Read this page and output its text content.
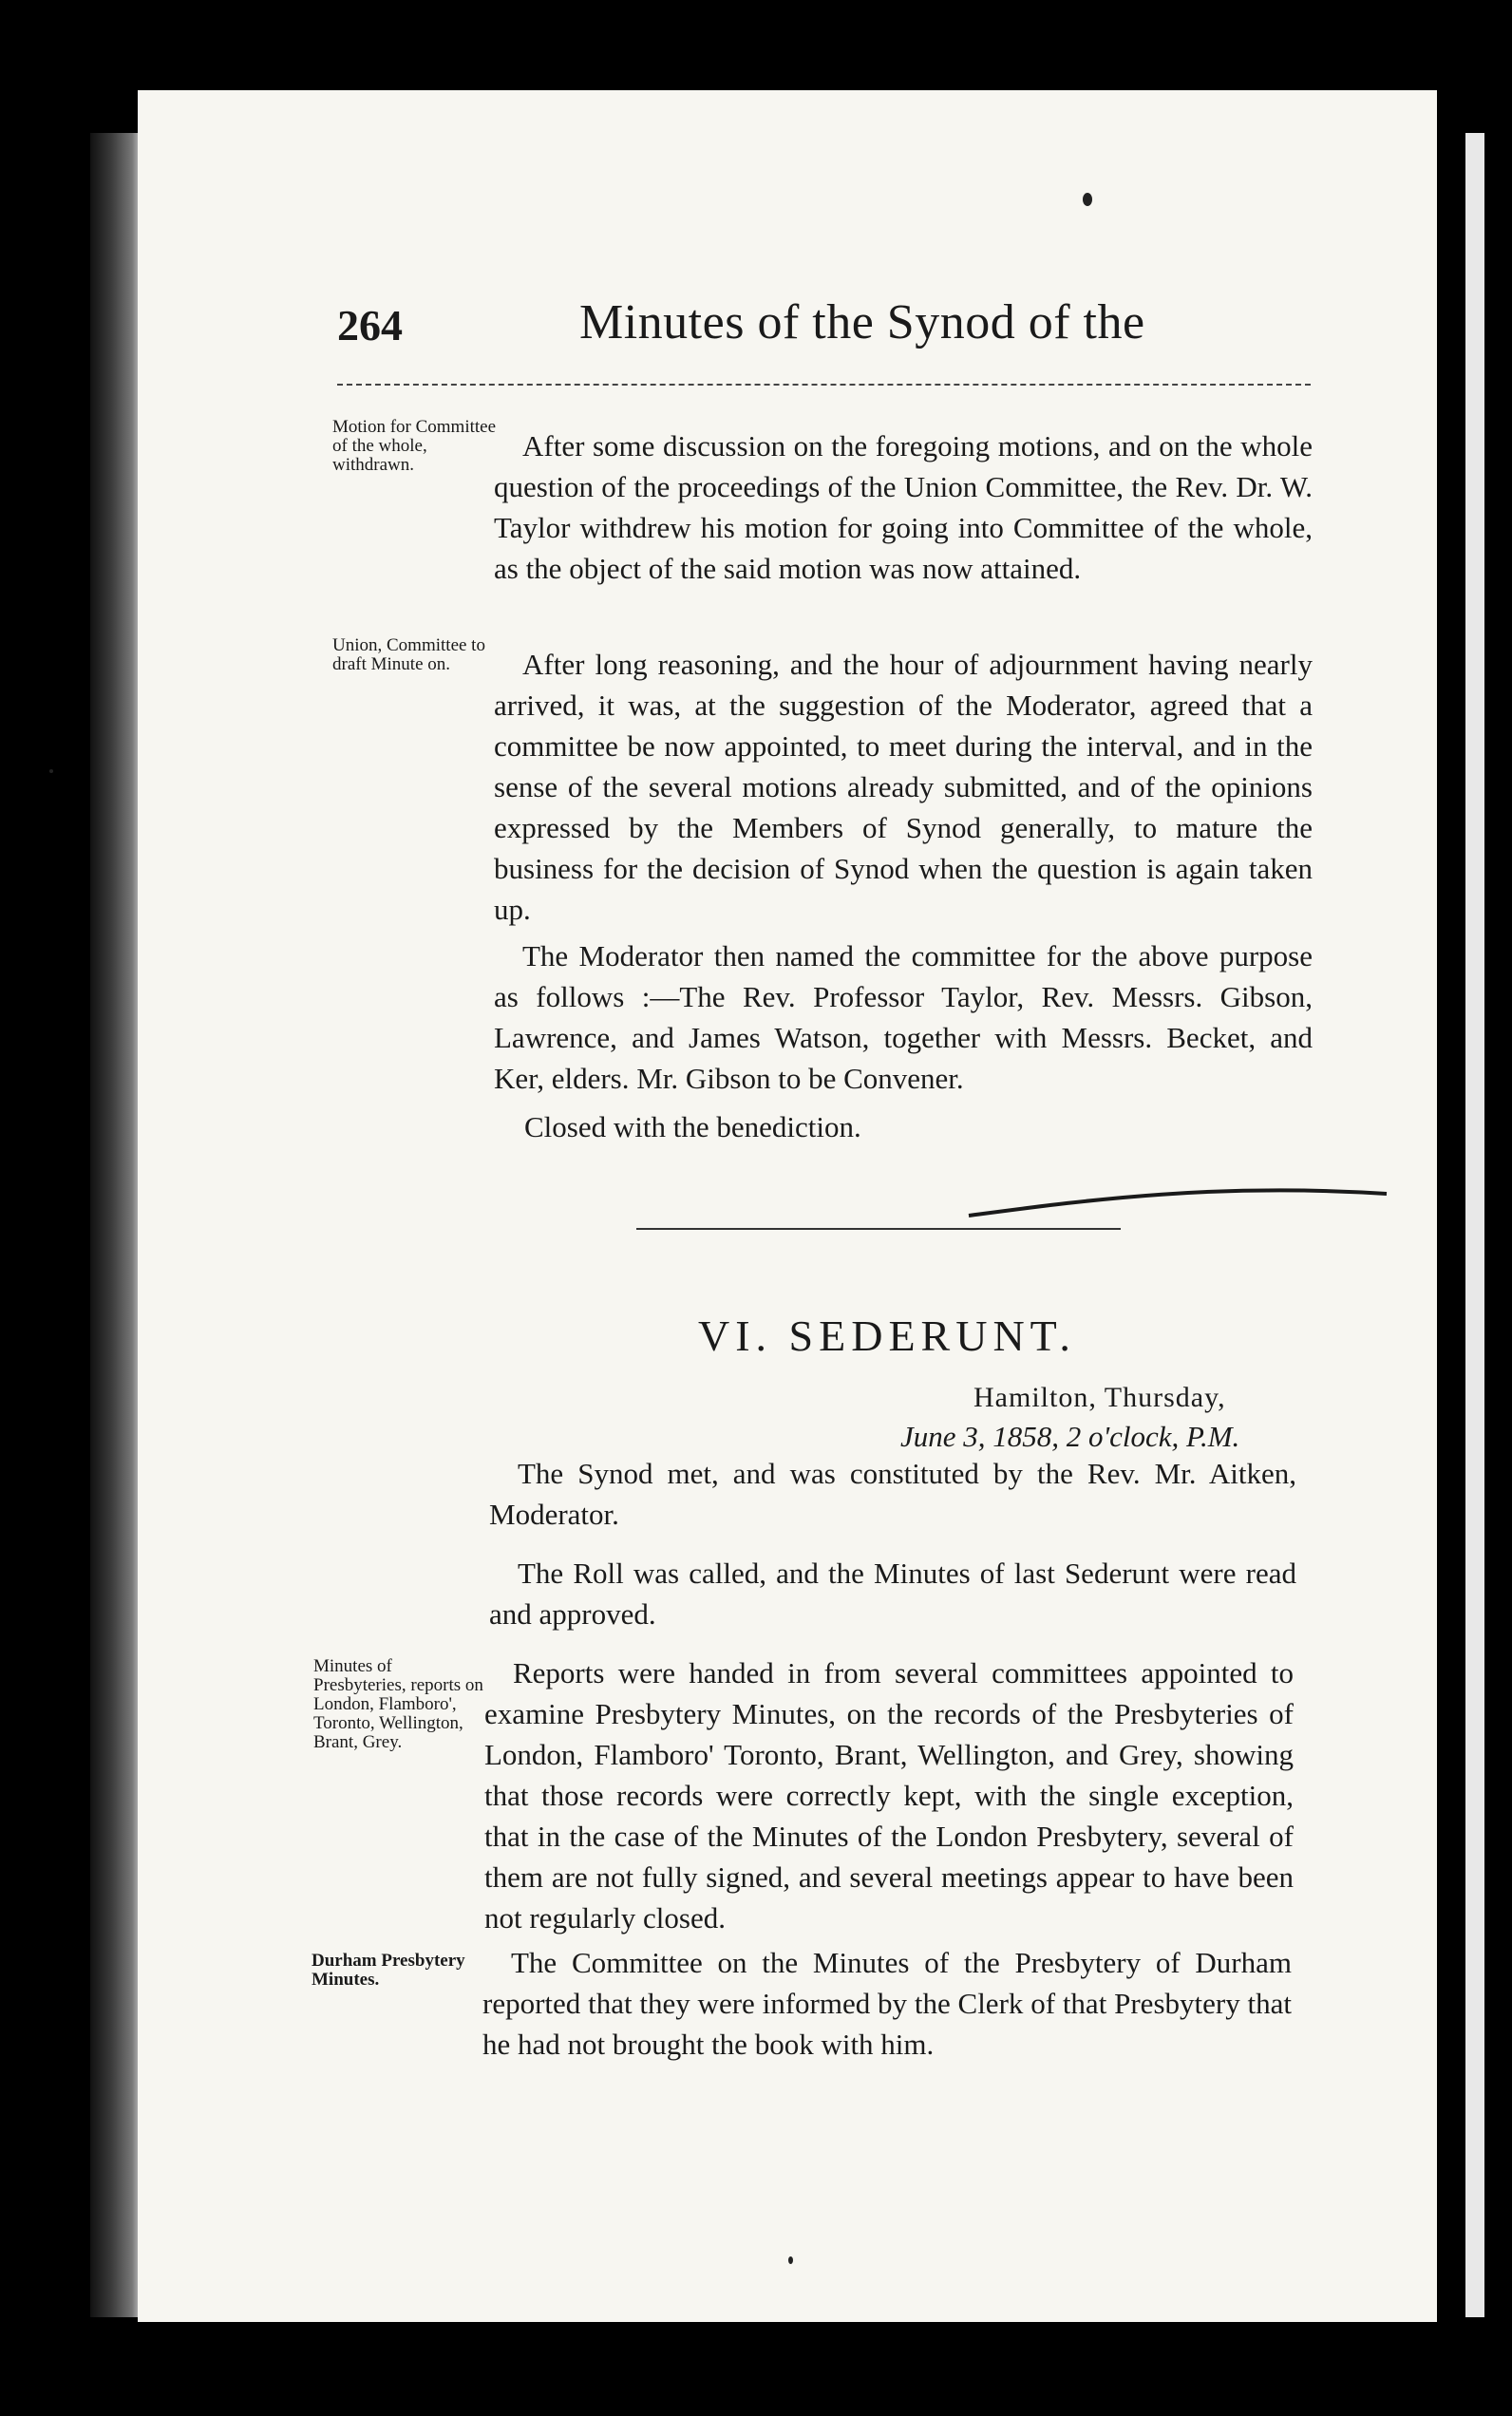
264	Minutes of the Synod of the
Motion for Committee of the whole, withdrawn.
After some discussion on the foregoing motions, and on the whole question of the proceedings of the Union Committee, the Rev. Dr. W. Taylor withdrew his motion for going into Committee of the whole, as the object of the said motion was now attained.
Union, Committee to draft Minute on.	After long reasoning, and the hour of adjournment having nearly arrived, it was, at the suggestion of the Moderator, agreed that a committee be now appointed, to meet during the interval, and in the sense of the several motions already submitted, and of the opinions expressed by the Members of Synod generally, to mature the business for the decision of Synod when the question is again taken up.
The Moderator then named the committee for the above purpose as follows :—The Rev. Professor Taylor, Rev. Messrs. Gibson, Lawrence, and James Watson, together with Messrs. Becket, and Ker, elders. Mr. Gibson to be Convener.
Closed with the benediction.
VI. SEDERUNT.
Hamilton, Thursday,
June 3, 1858, 2 o'clock, P.M.
The Synod met, and was constituted by the Rev. Mr. Aitken, Moderator.
The Roll was called, and the Minutes of last Sederunt were read and approved.
Minutes of Presbyteries, reports on London, Flamboro', Toronto, Wellington, Brant, Grey.
Reports were handed in from several committees appointed to examine Presbytery Minutes, on the records of the Presbyteries of London, Flamboro' Toronto, Brant, Wellington, and Grey, showing that those records were correctly kept, with the single exception, that in the case of the Minutes of the London Presbytery, several of them are not fully signed, and several meetings appear to have been not regularly closed.
Durham Presbytery Minutes.
The Committee on the Minutes of the Presbytery of Durham reported that they were informed by the Clerk of that Presbytery that he had not brought the book with him.
